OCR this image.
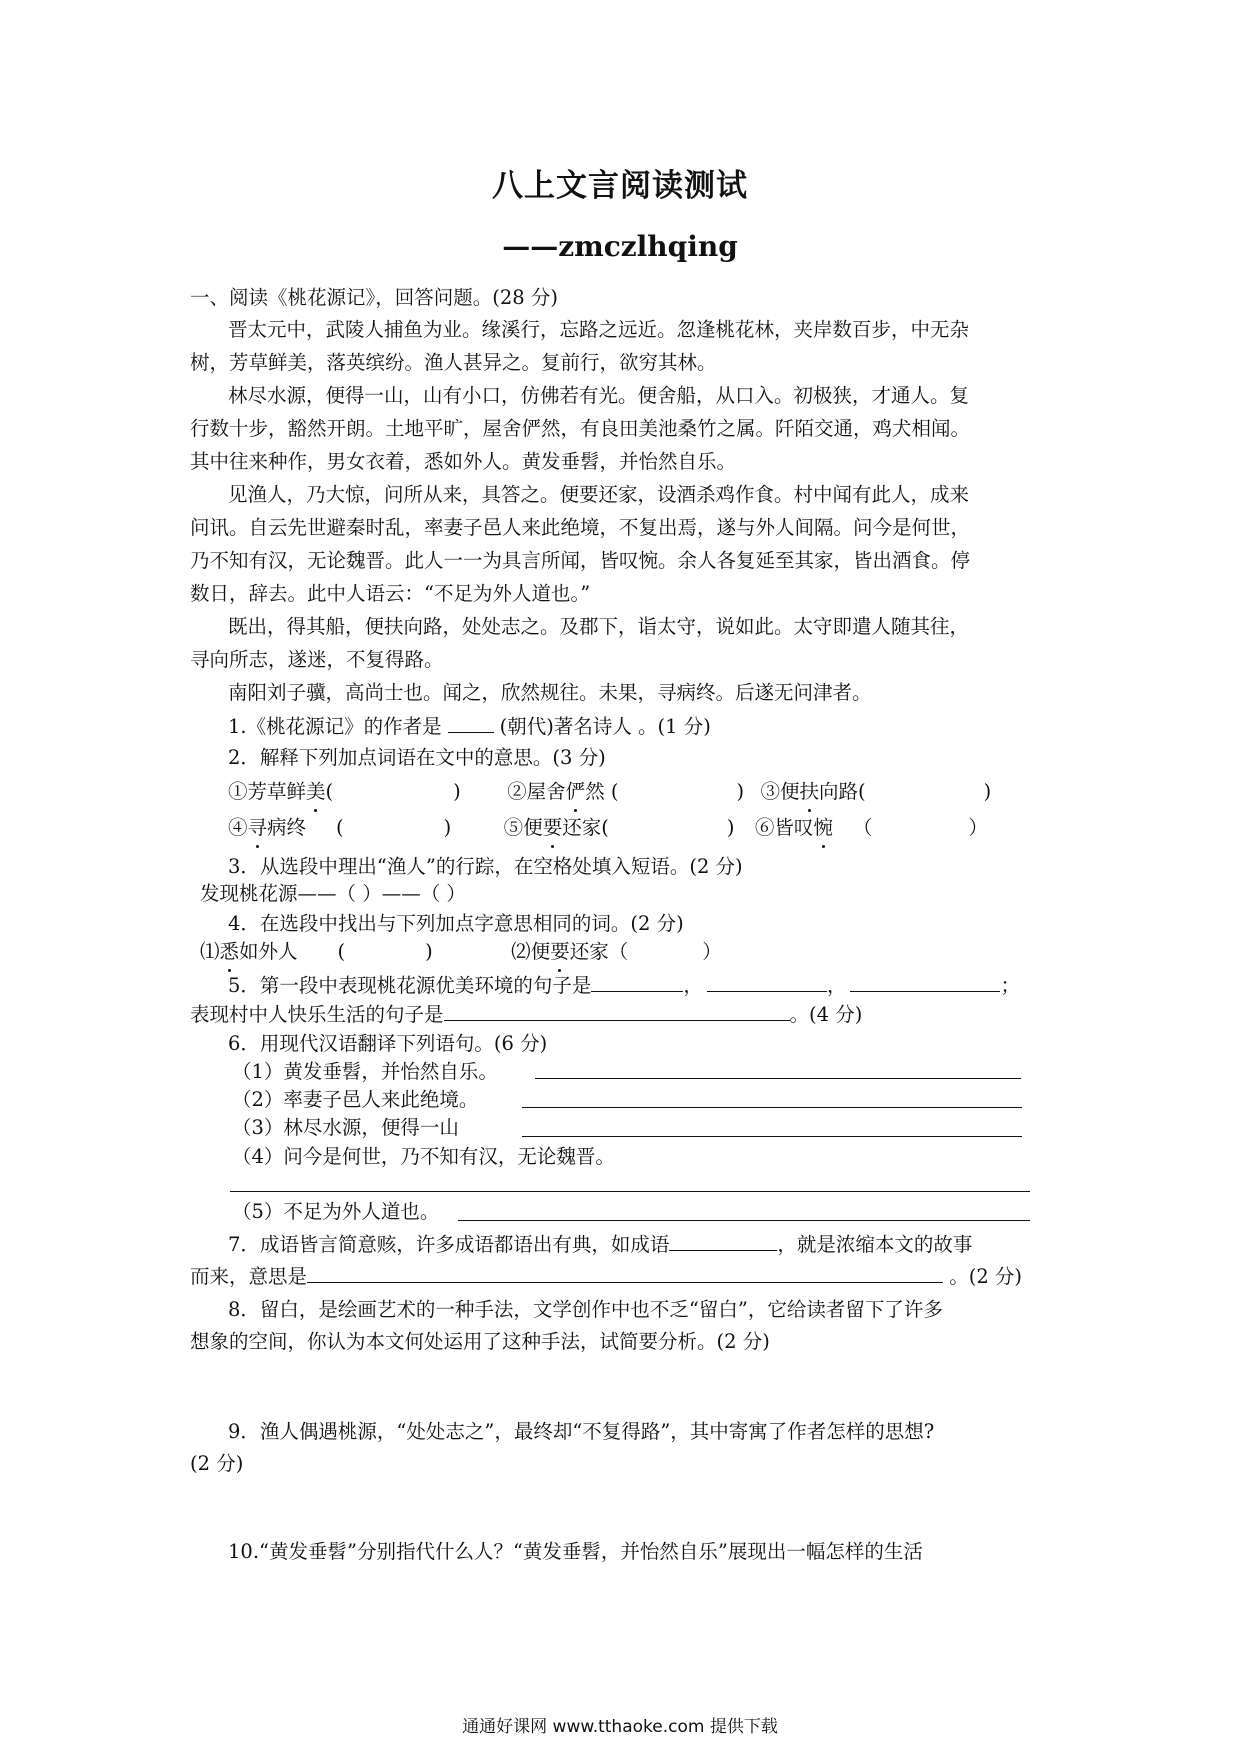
八上文言阅读测试
——zmczlhqing
一、阅读《桃花源记》，回答问题。(28 分)
晋太元中，武陵人捕鱼为业。缘溪行，忘路之远近。忽逢桃花林，夹岸数百步，中无杂
树，芳草鲜美，落英缤纷。渔人甚异之。复前行，欲穷其林。
林尽水源，便得一山，山有小口，仿佛若有光。便舍船，从口入。初极狭，才通人。复
行数十步，豁然开朗。土地平旷，屋舍俨然，有良田美池桑竹之属。阡陌交通，鸡犬相闻。
其中往来种作，男女衣着，悉如外人。黄发垂髫，并怡然自乐。
见渔人，乃大惊，问所从来，具答之。便要还家，设酒杀鸡作食。村中闻有此人，成来
问讯。自云先世避秦时乱，率妻子邑人来此绝境，不复出焉，遂与外人间隔。问今是何世，
乃不知有汉，无论魏晋。此人一一为具言所闻，皆叹惋。余人各复延至其家，皆出酒食。停
数日，辞去。此中人语云：“不足为外人道也。”
既出，得其船，便扶向路，处处志之。及郡下，诣太守，说如此。太守即遣人随其往，
寻向所志，遂迷，不复得路。
南阳刘子骥，高尚士也。闻之，欣然规往。未果，寻病终。后遂无问津者。
1.《桃花源记》的作者是	(朝代)著名诗人 。(1 分)
2．解释下列加点词语在文中的意思。(3 分)
①芳草鲜美(	) ②屋舍俨然 (	) ③便扶向路(	)
④寻病终 (	)	⑤便要还家(	) ⑥皆叹惋 （	）
3．从选段中理出“渔人”的行踪，在空格处填入短语。(2 分)
发现桃花源——（ ）——（ ）
4．在选段中找出与下列加点字意思相同的词。(2 分)
⑴悉如外人 (	)	⑵便要还家（	）
5．第一段中表现桃花源优美环境的句子是	，	，	；
表现村中人快乐生活的句子是	。(4 分)
6．用现代汉语翻译下列语句。(6 分)
（1）黄发垂髫，并怡然自乐。
（2）率妻子邑人来此绝境。
（3）林尽水源，便得一山
（4）问今是何世，乃不知有汉，无论魏晋。
（5）不足为外人道也。
7．成语皆言简意赅，许多成语都语出有典，如成语	，就是浓缩本文的故事
而来，意思是	。(2 分)
8．留白，是绘画艺术的一种手法，文学创作中也不乏“留白”，它给读者留下了许多
想象的空间，你认为本文何处运用了这种手法，试简要分析。(2 分)
9．渔人偶遇桃源，“处处志之”，最终却“不复得路”，其中寄寓了作者怎样的思想?
(2 分)
10.“黄发垂髫”分别指代什么人？“黄发垂髫，并怡然自乐”展现出一幅怎样的生活
通通好课网 www.tthaoke.com 提供下载
